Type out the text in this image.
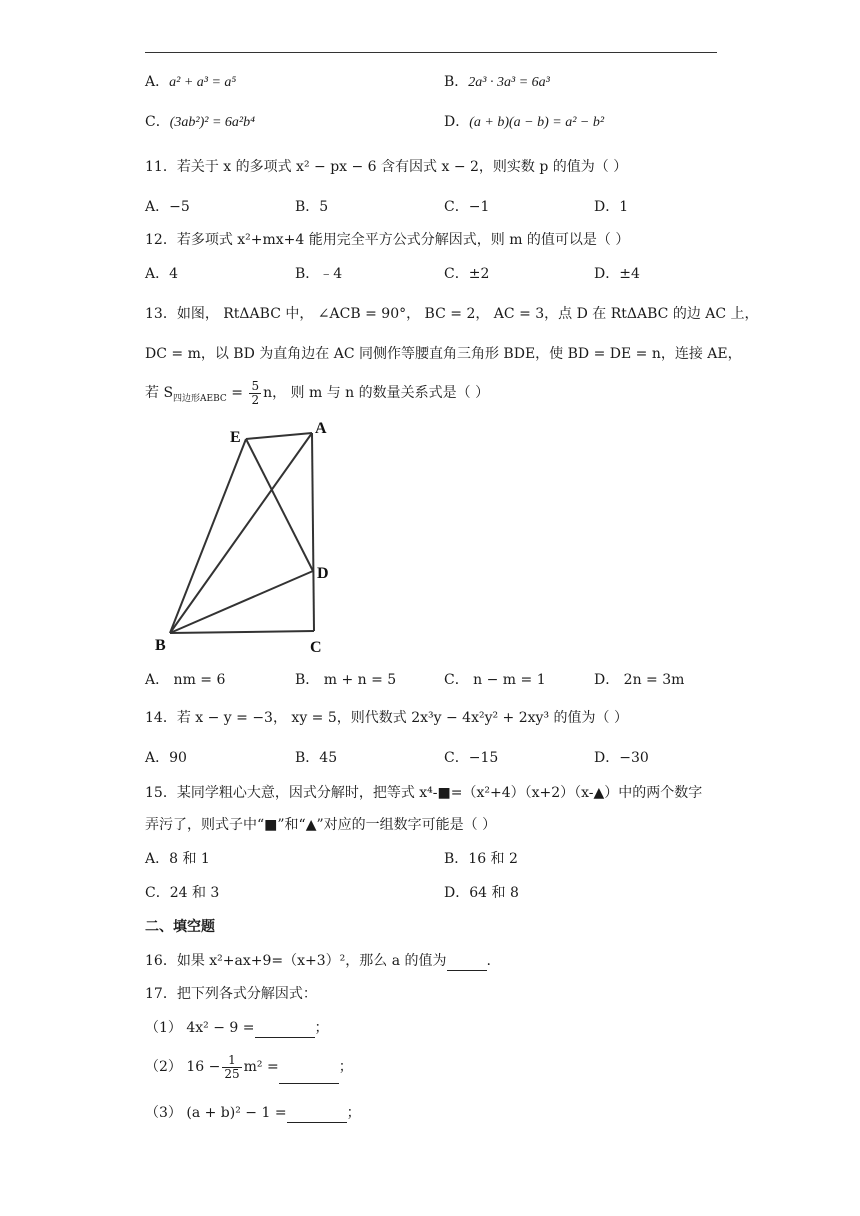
A．a² + a³ = a⁵	B．2a³ · 3a³ = 6a³
C．(3ab²)² = 6a²b⁴	D．(a + b)(a − b) = a² − b²
11．若关于 x 的多项式 x² − px − 6 含有因式 x − 2，则实数 p 的值为（ ）
A．−5	B．5	C．−1	D．1
12．若多项式 x²+mx+4 能用完全平方公式分解因式，则 m 的值可以是（ ）
A．4	B．﹣4	C．±2	D．±4
13．如图， RtΔABC 中， ∠ACB = 90°， BC = 2， AC = 3，点 D 在 RtΔABC 的边 AC 上，
DC = m，以 BD 为直角边在 AC 同侧作等腰直角三角形 BDE，使 BD = DE = n，连接 AE，
若 $S_{四边形AEBC} = \frac{5}{2}$ n， 则 m 与 n 的数量关系式是（ ）
E
A
D
B	C
A． nm = 6	B． m + n = 5	C． n − m = 1	D． 2n = 3m
14．若 x − y = −3， xy = 5，则代数式 2x³y − 4x²y² + 2xy³ 的值为（ ）
A．90	B．45	C．−15	D．−30
15．某同学粗心大意，因式分解时，把等式 x⁴-■=（x²+4）（x+2）（x-▲）中的两个数字
弄污了，则式子中“■”和“▲”对应的一组数字可能是（ ）
A．8 和 1	B．16 和 2
C．24 和 3	D．64 和 8
二、填空题
16．如果 x²+ax+9=（x+3）²，那么 a 的值为	.
17．把下列各式分解因式：
（1） 4x² − 9 =	；
（2） $16 - \frac{1}{25} m^2$ =	；
（3） (a + b)² − 1 =	；
